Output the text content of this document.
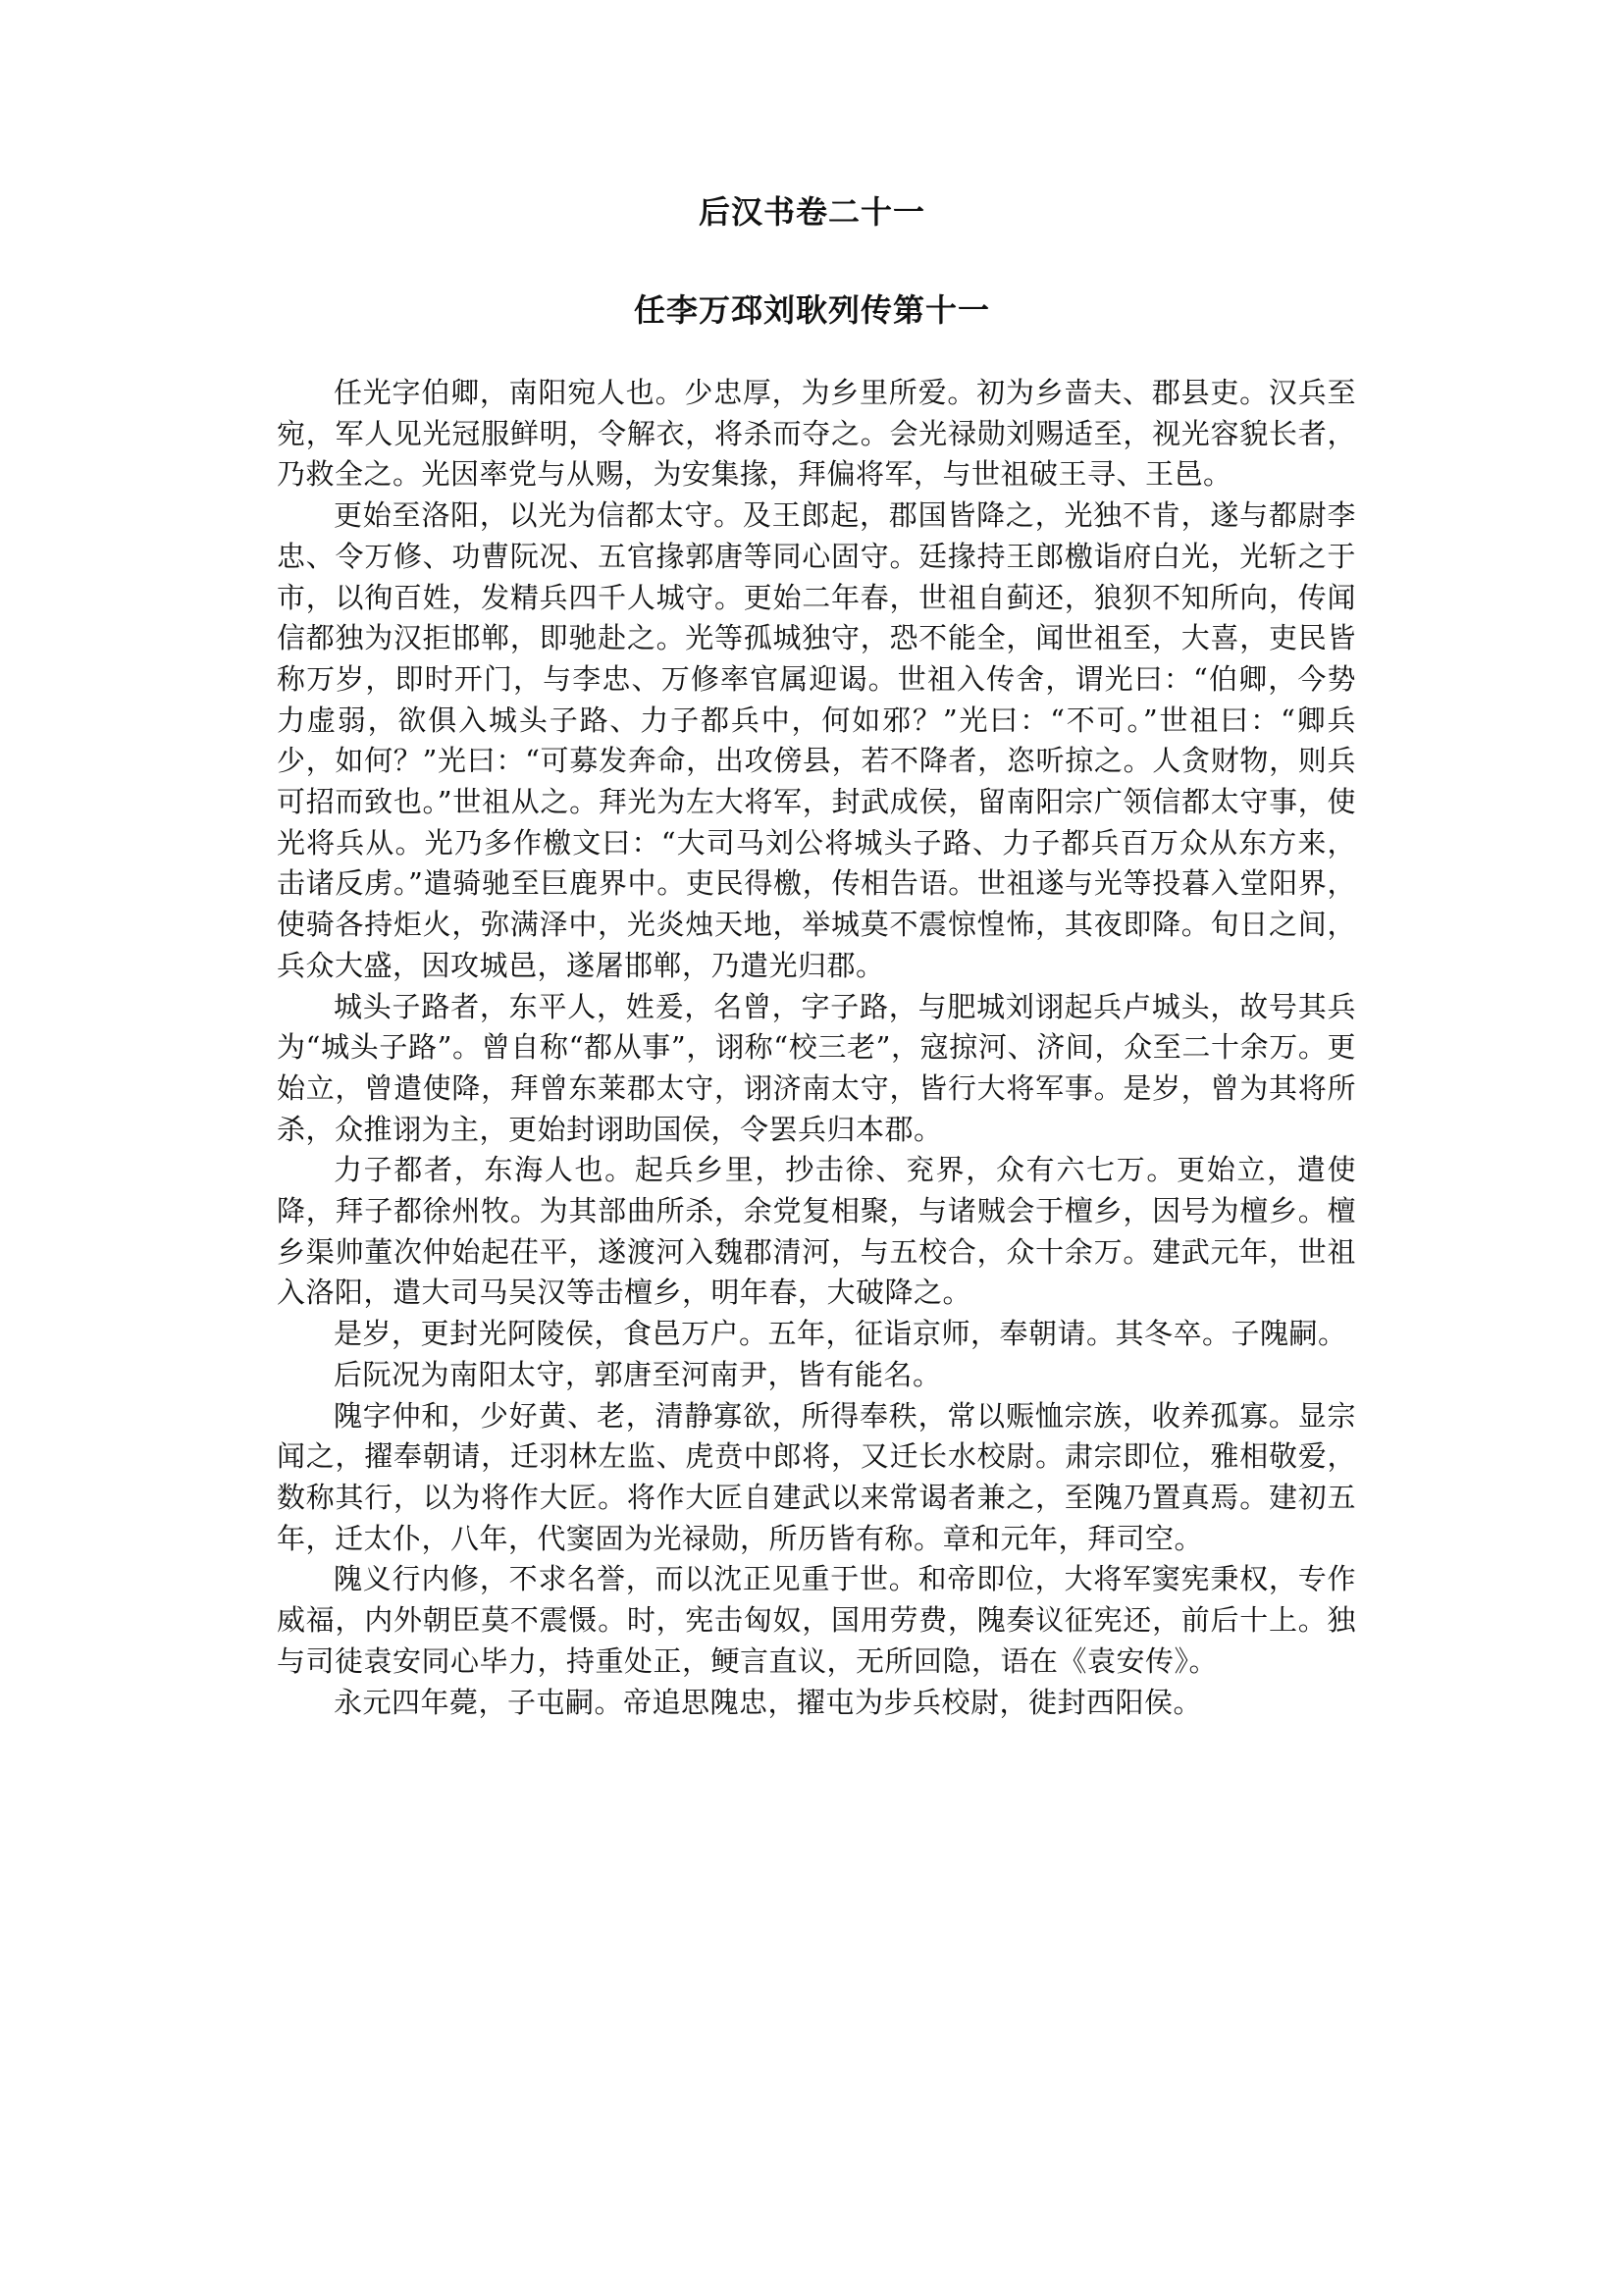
后汉书卷二十一
任李万邳刘耿列传第十一

任光字伯卿，南阳宛人也。少忠厚，为乡里所爱。初为乡啬夫、郡县吏。汉兵至宛，军人见光冠服鲜明，令解衣，将杀而夺之。会光禄勋刘赐适至，视光容貌长者，乃救全之。光因率党与从赐，为安集掾，拜偏将军，与世祖破王寻、王邑。

更始至洛阳，以光为信都太守。及王郎起，郡国皆降之，光独不肯，遂与都尉李忠、令万修、功曹阮况、五官掾郭唐等同心固守。廷掾持王郎檄诣府白光，光斩之于市，以徇百姓，发精兵四千人城守。更始二年春，世祖自蓟还，狼狈不知所向，传闻信都独为汉拒邯郸，即驰赴之。光等孤城独守，恐不能全，闻世祖至，大喜，吏民皆称万岁，即时开门，与李忠、万修率官属迎谒。世祖入传舍，谓光曰：“伯卿，今势力虚弱，欲俱入城头子路、力子都兵中，何如邪？”光曰：“不可。”世祖曰：“卿兵少，如何？”光曰：“可募发奔命，出攻傍县，若不降者，恣听掠之。人贪财物，则兵可招而致也。”世祖从之。拜光为左大将军，封武成侯，留南阳宗广领信都太守事，使光将兵从。光乃多作檄文曰：“大司马刘公将城头子路、力子都兵百万众从东方来，击诸反虏。”遣骑驰至巨鹿界中。吏民得檄，传相告语。世祖遂与光等投暮入堂阳界，使骑各持炬火，弥满泽中，光炎烛天地，举城莫不震惊惶怖，其夜即降。旬日之间，兵众大盛，因攻城邑，遂屠邯郸，乃遣光归郡。

城头子路者，东平人，姓爰，名曾，字子路，与肥城刘诩起兵卢城头，故号其兵为“城头子路”。曾自称“都从事”，诩称“校三老”，寇掠河、济间，众至二十余万。更始立，曾遣使降，拜曾东莱郡太守，诩济南太守，皆行大将军事。是岁，曾为其将所杀，众推诩为主，更始封诩助国侯，令罢兵归本郡。

力子都者，东海人也。起兵乡里，抄击徐、兖界，众有六七万。更始立，遣使降，拜子都徐州牧。为其部曲所杀，余党复相聚，与诸贼会于檀乡，因号为檀乡。檀乡渠帅董次仲始起茌平，遂渡河入魏郡清河，与五校合，众十余万。建武元年，世祖入洛阳，遣大司马吴汉等击檀乡，明年春，大破降之。

是岁，更封光阿陵侯，食邑万户。五年，征诣京师，奉朝请。其冬卒。子隗嗣。

后阮况为南阳太守，郭唐至河南尹，皆有能名。

隗字仲和，少好黄、老，清静寡欲，所得奉秩，常以赈恤宗族，收养孤寡。显宗闻之，擢奉朝请，迁羽林左监、虎贲中郎将，又迁长水校尉。肃宗即位，雅相敬爱，数称其行，以为将作大匠。将作大匠自建武以来常谒者兼之，至隗乃置真焉。建初五年，迁太仆，八年，代窦固为光禄勋，所历皆有称。章和元年，拜司空。

隗义行内修，不求名誉，而以沈正见重于世。和帝即位，大将军窦宪秉权，专作威福，内外朝臣莫不震慑。时，宪击匈奴，国用劳费，隗奏议征宪还，前后十上。独与司徒袁安同心毕力，持重处正，鲠言直议，无所回隐，语在《袁安传》。

永元四年薨，子屯嗣。帝追思隗忠，擢屯为步兵校尉，徙封西阳侯。
